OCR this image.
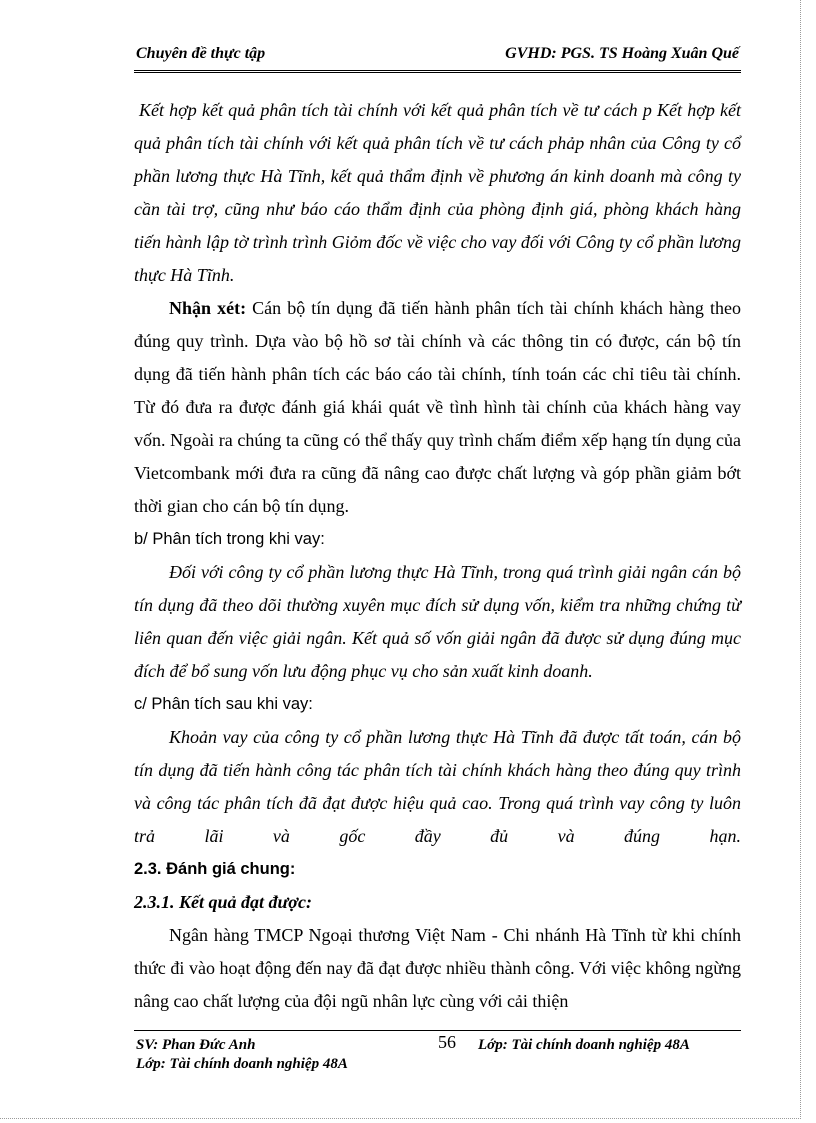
Chuyên đề thực tập	GVHD: PGS. TS Hoàng Xuân Quế

Kết hợp kết quả phân tích tài chính với kết quả phân tích về tư cách p Kết hợp kết quả phân tích tài chính với kết quả phân tích về tư cách phảp nhân của Công ty cổ phần lương thực Hà Tĩnh, kết quả thẩm định về phương án kinh doanh mà công ty cần tài trợ, cũng như báo cáo thẩm định của phòng định giá, phòng khách hàng tiến hành lập tờ trình trình Giỏm đốc về việc cho vay đối với Công ty cổ phần lương thực Hà Tĩnh.

Nhận xét: Cán bộ tín dụng đã tiến hành phân tích tài chính khách hàng theo đúng quy trình. Dựa vào bộ hồ sơ tài chính và các thông tin có được, cán bộ tín dụng đã tiến hành phân tích các báo cáo tài chính, tính toán các chỉ tiêu tài chính. Từ đó đưa ra được đánh giá khái quát về tình hình tài chính của khách hàng vay vốn. Ngoài ra chúng ta cũng có thể thấy quy trình chấm điểm xếp hạng tín dụng của Vietcombank mới đưa ra cũng đã nâng cao được chất lượng và góp phần giảm bớt thời gian cho cán bộ tín dụng.

b/ Phân tích trong khi vay:

Đối với công ty cổ phần lương thực Hà Tĩnh, trong quá trình giải ngân cán bộ tín dụng đã theo dõi thường xuyên mục đích sử dụng vốn, kiểm tra những chứng từ liên quan đến việc giải ngân. Kết quả số vốn giải ngân đã được sử dụng đúng mục đích để bổ sung vốn lưu động phục vụ cho sản xuất kinh doanh.

c/ Phân tích sau khi vay:

Khoản vay của công ty cổ phần lương thực Hà Tĩnh đã được tất toán, cán bộ tín dụng đã tiến hành công tác phân tích tài chính khách hàng theo đúng quy trình và công tác phân tích đã đạt được hiệu quả cao. Trong quá trình vay công ty luôn trả lãi và gốc đầy đủ và đúng hạn.

2.3. Đánh giá chung:

2.3.1. Kết quả đạt được:

Ngân hàng TMCP Ngoại thương Việt Nam - Chi nhánh Hà Tĩnh từ khi chính thức đi vào hoạt động đến nay đã đạt được nhiều thành công. Với việc không ngừng nâng cao chất lượng của đội ngũ nhân lực cùng với cải thiện

SV: Phan Đức Anh	56 Lớp: Tài chính doanh nghiệp 48A
Lớp: Tài chính doanh nghiệp 48A
